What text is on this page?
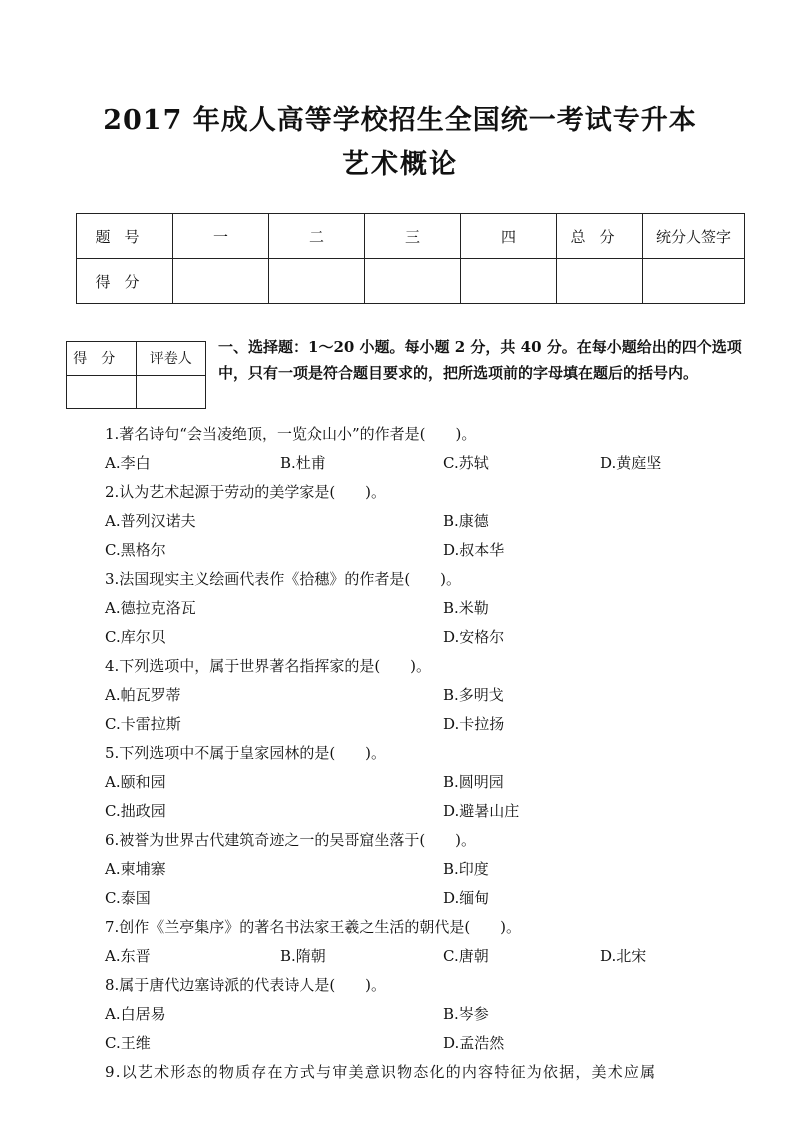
2017 年成人高等学校招生全国统一考试专升本
艺术概论
题号	一	二	三	四	总分	统分人签字
得分						
得分	评卷人

一、选择题：1～20 小题。每小题 2 分，共 40 分。在每小题给出的四个选项中，只有一项是符合题目要求的，把所选项前的字母填在题后的括号内。
1.著名诗句“会当凌绝顶，一览众山小”的作者是(　　)。
A.李白	B.杜甫	C.苏轼	D.黄庭坚
2.认为艺术起源于劳动的美学家是(　　)。
A.普列汉诺夫	B.康德
C.黑格尔	D.叔本华
3.法国现实主义绘画代表作《拾穗》的作者是(　　)。
A.德拉克洛瓦	B.米勒
C.库尔贝	D.安格尔
4.下列选项中，属于世界著名指挥家的是(　　)。
A.帕瓦罗蒂	B.多明戈
C.卡雷拉斯	D.卡拉扬
5.下列选项中不属于皇家园林的是(　　)。
A.颐和园	B.圆明园
C.拙政园	D.避暑山庄
6.被誉为世界古代建筑奇迹之一的吴哥窟坐落于(　　)。
A.柬埔寨	B.印度
C.泰国	D.缅甸
7.创作《兰亭集序》的著名书法家王羲之生活的朝代是(　　)。
A.东晋	B.隋朝	C.唐朝	D.北宋
8.属于唐代边塞诗派的代表诗人是(　　)。
A.白居易	B.岑参
C.王维	D.孟浩然
9.以艺术形态的物质存在方式与审美意识物态化的内容特征为依据，美术应属
